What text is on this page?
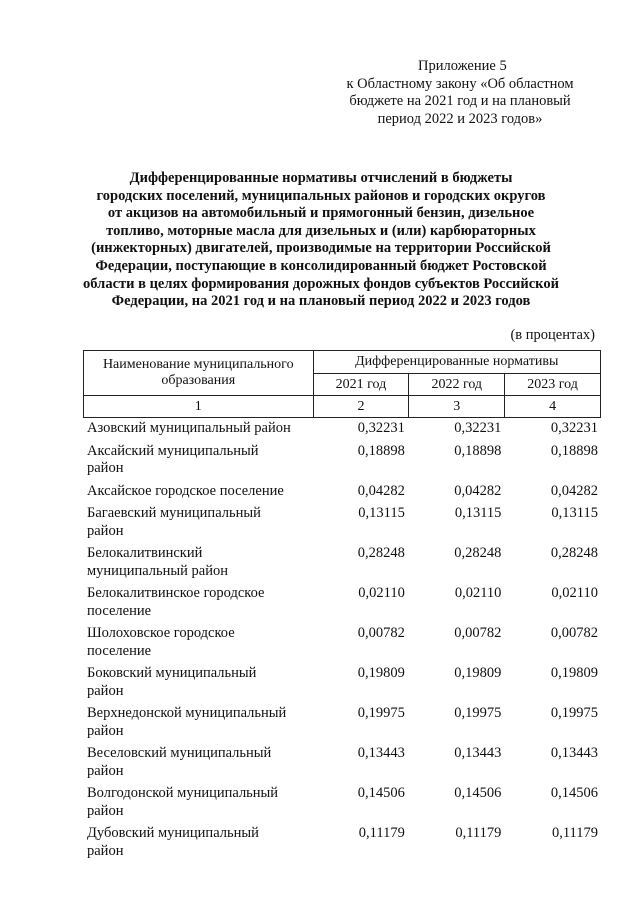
Приложение 5
к Областному закону «Об областном
бюджете на 2021 год и на плановый
период 2022 и 2023 годов»
Дифференцированные нормативы отчислений в бюджеты
городских поселений, муниципальных районов и городских округов
от акцизов на автомобильный и прямогонный бензин, дизельное
топливо, моторные масла для дизельных и (или) карбюраторных
(инжекторных) двигателей, производимые на территории Российской
Федерации, поступающие в консолидированный бюджет Ростовской
области в целях формирования дорожных фондов субъектов Российской
Федерации, на 2021 год и на плановый период 2022 и 2023 годов
(в процентах)
Наименование муниципального
образования	Дифференцированные нормативы		
	2021 год	2022 год	2023 год
1	2	3	4
Азовский муниципальный район	0,32231	0,32231	0,32231

Аксайский муниципальный
район	0,18898	0,18898	0,18898

Аксайское городское поселение	0,04282	0,04282	0,04282

Багаевский муниципальный
район	0,13115	0,13115	0,13115

Белокалитвинский
муниципальный район	0,28248	0,28248	0,28248

Белокалитвинское городское
поселение	0,02110	0,02110	0,02110

Шолоховское городское
поселение	0,00782	0,00782	0,00782

Боковский муниципальный
район	0,19809	0,19809	0,19809

Верхнедонской муниципальный
район	0,19975	0,19975	0,19975

Веселовский муниципальный
район	0,13443	0,13443	0,13443

Волгодонской муниципальный
район	0,14506	0,14506	0,14506

Дубовский муниципальный
район	0,11179	0,11179	0,11179
